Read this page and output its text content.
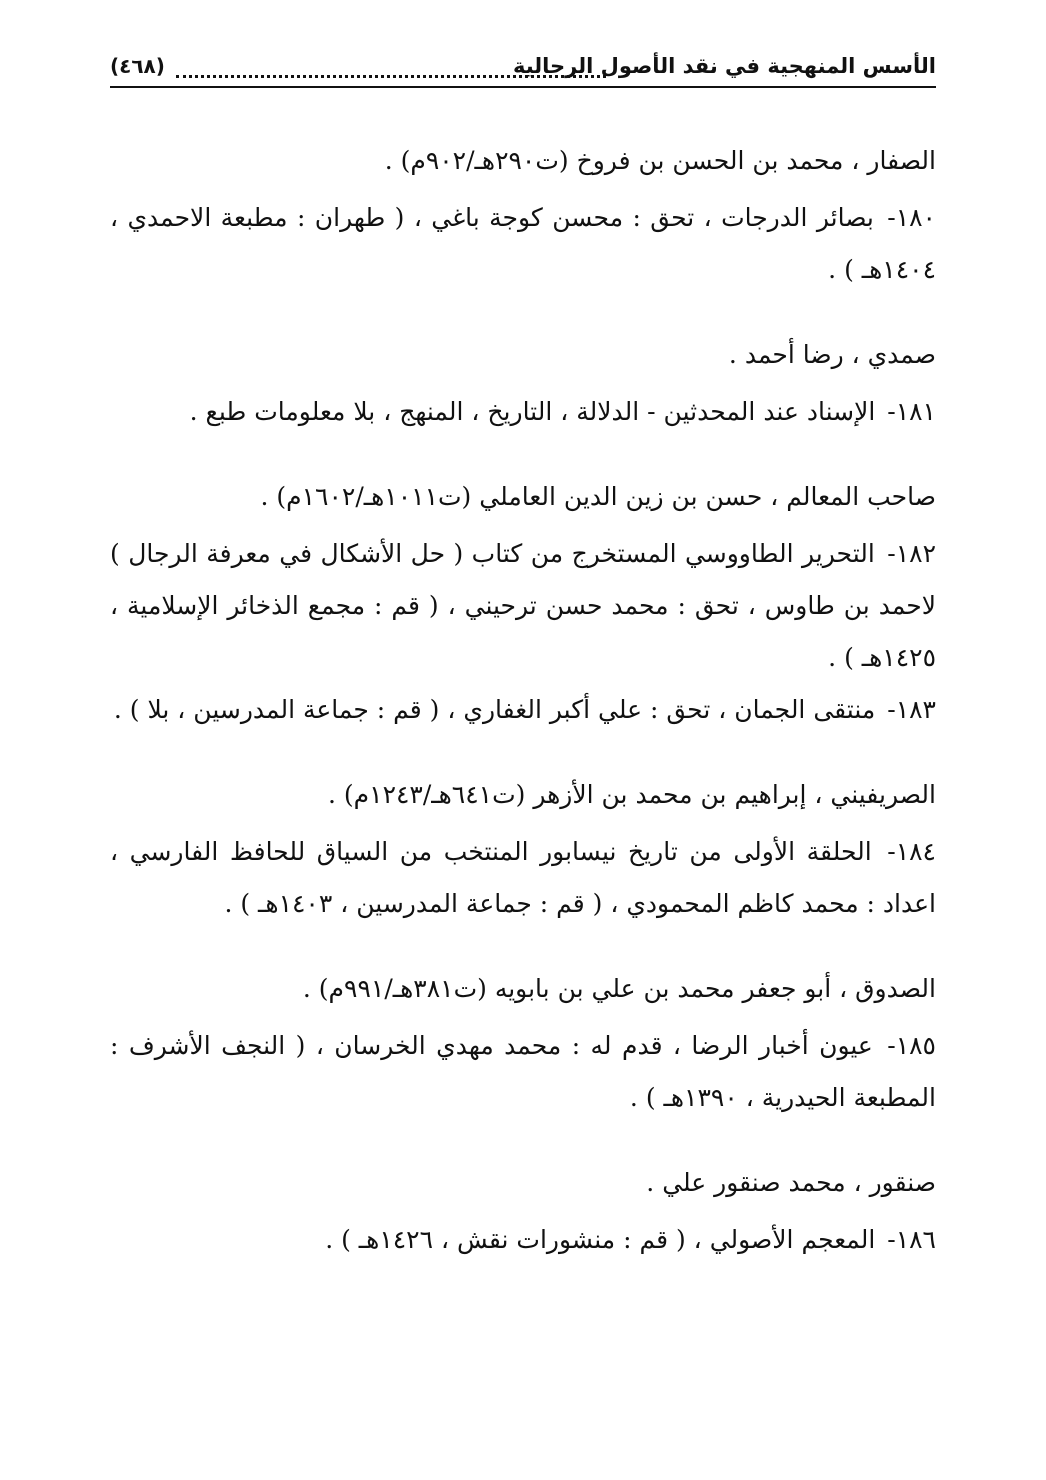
الأسس المنهجية في نقد الأصول الرجالية
(٤٦٨)
الصفار ، محمد بن الحسن بن فروخ (ت٢٩٠هـ/٩٠٢م) .
١٨٠- بصائر الدرجات ، تحق : محسن كوجة باغي ، ( طهران : مطبعة الاحمدي ، ١٤٠٤هـ ) .
صمدي ، رضا أحمد .
١٨١- الإسناد عند المحدثين - الدلالة ، التاريخ ، المنهج ، بلا معلومات طبع .
صاحب المعالم ، حسن بن زين الدين العاملي (ت١٠١١هـ/١٦٠٢م) .
١٨٢- التحرير الطاووسي المستخرج من كتاب ( حل الأشكال في معرفة الرجال ) لاحمد بن طاوس ، تحق : محمد حسن ترحيني ، ( قم : مجمع الذخائر الإسلامية ، ١٤٢٥هـ ) .
١٨٣- منتقى الجمان ، تحق : علي أكبر الغفاري ، ( قم : جماعة المدرسين ، بلا ) .
الصريفيني ، إبراهيم بن محمد بن الأزهر (ت٦٤١هـ/١٢٤٣م) .
١٨٤- الحلقة الأولى من تاريخ نيسابور المنتخب من السياق للحافظ الفارسي ، اعداد : محمد كاظم المحمودي ، ( قم : جماعة المدرسين ، ١٤٠٣هـ ) .
الصدوق ، أبو جعفر محمد بن علي بن بابويه (ت٣٨١هـ/٩٩١م) .
١٨٥- عيون أخبار الرضا ، قدم له : محمد مهدي الخرسان ، ( النجف الأشرف : المطبعة الحيدرية ، ١٣٩٠هـ ) .
صنقور ، محمد صنقور علي .
١٨٦- المعجم الأصولي ، ( قم : منشورات نقش ، ١٤٢٦هـ ) .
